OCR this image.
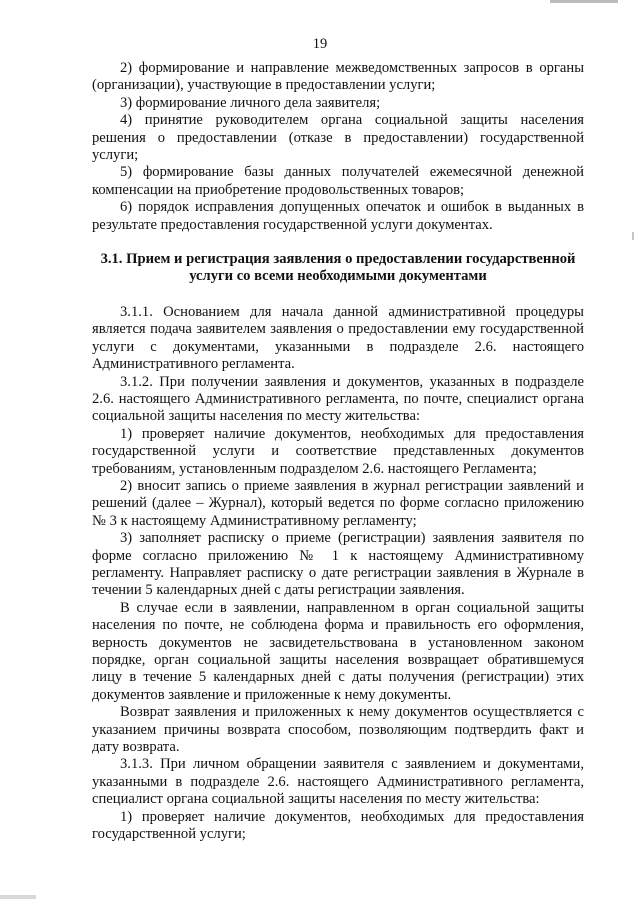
19

2) формирование и направление межведомственных запросов в органы (организации), участвующие в предоставлении услуги;

3) формирование личного дела заявителя;

4) принятие руководителем органа социальной защиты населения решения о предоставлении (отказе в предоставлении) государственной услуги;

5) формирование базы данных получателей ежемесячной денежной компенсации на приобретение продовольственных товаров;

6) порядок исправления допущенных опечаток и ошибок в выданных в результате предоставления государственной услуги документах.

3.1. Прием и регистрация заявления о предоставлении государственной услуги со всеми необходимыми документами

3.1.1. Основанием для начала данной административной процедуры является подача заявителем заявления о предоставлении ему государственной услуги с документами, указанными в подразделе 2.6. настоящего Административного регламента.

3.1.2. При получении заявления и документов, указанных в подразделе 2.6. настоящего Административного регламента, по почте, специалист органа социальной защиты населения по месту жительства:

1) проверяет наличие документов, необходимых для предоставления государственной услуги и соответствие представленных документов требованиям, установленным подразделом 2.6. настоящего Регламента;

2) вносит запись о приеме заявления в журнал регистрации заявлений и решений (далее – Журнал), который ведется по форме согласно приложению № 3 к настоящему Административному регламенту;

3) заполняет расписку о приеме (регистрации) заявления заявителя по форме согласно приложению № 1 к настоящему Административному регламенту. Направляет расписку о дате регистрации заявления в Журнале в течении 5 календарных дней с даты регистрации заявления.

В случае если в заявлении, направленном в орган социальной защиты населения по почте, не соблюдена форма и правильность его оформления, верность документов не засвидетельствована в установленном законом порядке, орган социальной защиты населения возвращает обратившемуся лицу в течение 5 календарных дней с даты получения (регистрации) этих документов заявление и приложенные к нему документы.

Возврат заявления и приложенных к нему документов осуществляется с указанием причины возврата способом, позволяющим подтвердить факт и дату возврата.

3.1.3. При личном обращении заявителя с заявлением и документами, указанными в подразделе 2.6. настоящего Административного регламента, специалист органа социальной защиты населения по месту жительства:

1) проверяет наличие документов, необходимых для предоставления государственной услуги;
